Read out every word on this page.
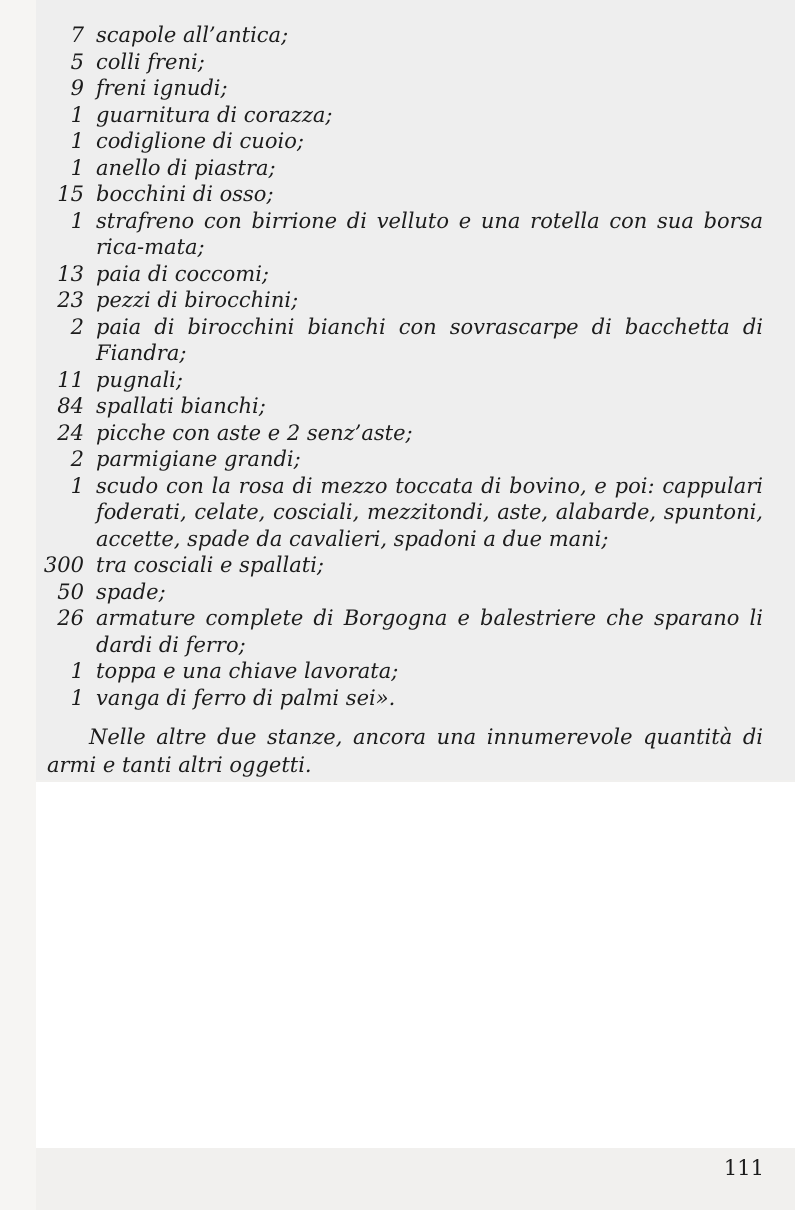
7 scapole all’antica;
5 colli freni;
9 freni ignudi;
1 guarnitura di corazza;
1 codiglione di cuoio;
1 anello di piastra;
15 bocchini di osso;
1 strafreno con birrione di velluto e una rotella con sua borsa rica-mata;
13 paia di coccomi;
23 pezzi di birocchini;
2 paia di birocchini bianchi con sovrascarpe di bacchetta di Fiandra;
11 pugnali;
84 spallati bianchi;
24 picche con aste e 2 senz’aste;
2 parmigiane grandi;
1 scudo con la rosa di mezzo toccata di bovino, e poi: cappulari foderati, celate, cosciali, mezzitondi, aste, alabarde, spuntoni, accette, spade da cavalieri, spadoni a due mani;
300 tra cosciali e spallati;
50 spade;
26 armature complete di Borgogna e balestriere che sparano li dardi di ferro;
1 toppa e una chiave lavorata;
1 vanga di ferro di palmi sei».

Nelle altre due stanze, ancora una innumerevole quantità di armi e tanti altri oggetti.

111
